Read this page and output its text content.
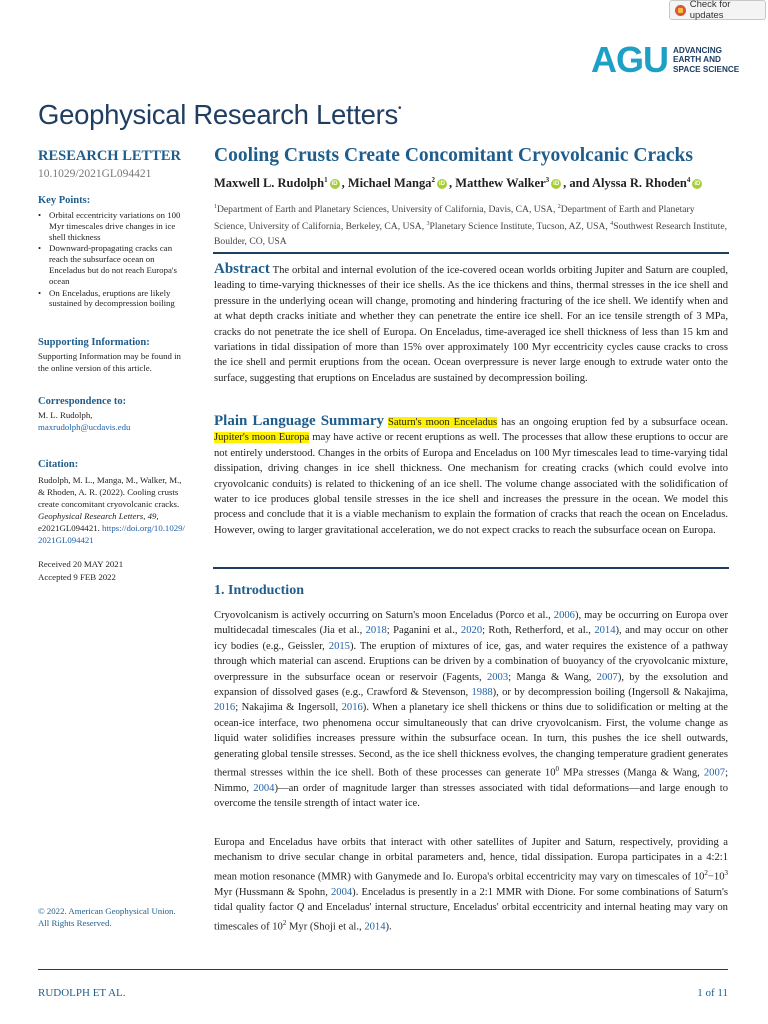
Check for updates
AGU ADVANCING
EARTH AND
SPACE SCIENCE
Geophysical Research Letters•
RESEARCH LETTER
10.1029/2021GL094421
Key Points:
• Orbital eccentricity variations on 100 Myr timescales drive changes in ice shell thickness
• Downward-propagating cracks can reach the subsurface ocean on Enceladus but do not reach Europa's ocean
• On Enceladus, eruptions are likely sustained by decompression boiling
Supporting Information:
Supporting Information may be found in the online version of this article.
Correspondence to:
M. L. Rudolph,
maxrudolph@ucdavis.edu
Citation:
Rudolph, M. L., Manga, M., Walker, M., & Rhoden, A. R. (2022). Cooling crusts create concomitant cryovolcanic cracks. Geophysical Research Letters, 49, e2021GL094421. https://doi.org/10.1029/2021GL094421
Received 20 MAY 2021
Accepted 9 FEB 2022
© 2022. American Geophysical Union.
All Rights Reserved.
Cooling Crusts Create Concomitant Cryovolcanic Cracks
Maxwell L. Rudolph$^1$iD , Michael Manga$^2$iD , Matthew Walker$^3$iD , and Alyssa R. Rhoden$^4$iD
$^1$Department of Earth and Planetary Sciences, University of California, Davis, CA, USA, $^2$Department of Earth and Planetary Science, University of California, Berkeley, CA, USA, $^3$Planetary Science Institute, Tucson, AZ, USA, $^4$Southwest Research Institute, Boulder, CO, USA
Abstract The orbital and internal evolution of the ice-covered ocean worlds orbiting Jupiter and Saturn are coupled, leading to time-varying thicknesses of their ice shells. As the ice thickens and thins, thermal stresses in the ice shell and pressure in the underlying ocean will change, promoting and hindering fracturing of the ice shell. We identify when and at what depth cracks initiate and whether they can penetrate the entire ice shell. For an ice tensile strength of 3 MPa, cracks do not penetrate the ice shell of Europa. On Enceladus, time-averaged ice shell thickness of less than 15 km and variations in tidal dissipation of more than 15% over approximately 100 Myr eccentricity cycles cause cracks to cross the ice shell and permit eruptions from the ocean. Ocean overpressure is never large enough to extrude water onto the surface, suggesting that eruptions on Enceladus are sustained by decompression boiling.
Plain Language Summary Saturn's moon Enceladus has an ongoing eruption fed by a subsurface ocean. Jupiter's moon Europa may have active or recent eruptions as well. The processes that allow these eruptions to occur are not entirely understood. Changes in the orbits of Europa and Enceladus on 100 Myr timescales lead to time-varying tidal dissipation, driving changes in ice shell thickness. One mechanism for creating cracks (which could evolve into cryovolcanic conduits) is related to thickening of an ice shell. The volume change associated with the solidification of water to ice produces global tensile stresses in the ice shell and increases the pressure in the ocean. We model this process and conclude that it is a viable mechanism to explain the formation of cracks that reach the ocean on Enceladus. However, owing to larger gravitational acceleration, we do not expect cracks to reach the subsurface ocean on Europa.
1. Introduction
Cryovolcanism is actively occurring on Saturn's moon Enceladus (Porco et al., 2006), may be occurring on Europa over multidecadal timescales (Jia et al., 2018; Paganini et al., 2020; Roth, Retherford, et al., 2014), and may occur on other icy bodies (e.g., Geissler, 2015). The eruption of mixtures of ice, gas, and water requires the existence of a pathway through which material can ascend. Eruptions can be driven by a combination of buoyancy of the cryovolcanic mixture, overpressure in the subsurface ocean or reservoir (Fagents, 2003; Manga & Wang, 2007), by the exsolution and expansion of dissolved gases (e.g., Crawford & Stevenson, 1988), or by decompression boiling (Ingersoll & Nakajima, 2016; Nakajima & Ingersoll, 2016). When a planetary ice shell thickens or thins due to solidification or melting at the ocean-ice interface, two phenomena occur simultaneously that can drive cryovolcanism. First, the volume change as liquid water solidifies increases pressure within the subsurface ocean. In turn, this pushes the ice shell outwards, generating global tensile stresses. Second, as the ice shell thickness evolves, the changing temperature gradient generates thermal stresses within the ice shell. Both of these processes can generate $10^0$ MPa stresses (Manga & Wang, 2007; Nimmo, 2004)—an order of magnitude larger than stresses associated with tidal deformations—and large enough to overcome the tensile strength of intact water ice.
Europa and Enceladus have orbits that interact with other satellites of Jupiter and Saturn, respectively, providing a mechanism to drive secular change in orbital parameters and, hence, tidal dissipation. Europa participates in a 4:2:1 mean motion resonance (MMR) with Ganymede and Io. Europa's orbital eccentricity may vary on timescales of $10^2-10^3$ Myr (Hussmann & Spohn, 2004). Enceladus is presently in a 2:1 MMR with Dione. For some combinations of Saturn's tidal quality factor Q and Enceladus' internal structure, Enceladus' orbital eccentricity and internal heating may vary on timescales of $10^2$ Myr (Shoji et al., 2014).
RUDOLPH ET AL.	1 of 11
